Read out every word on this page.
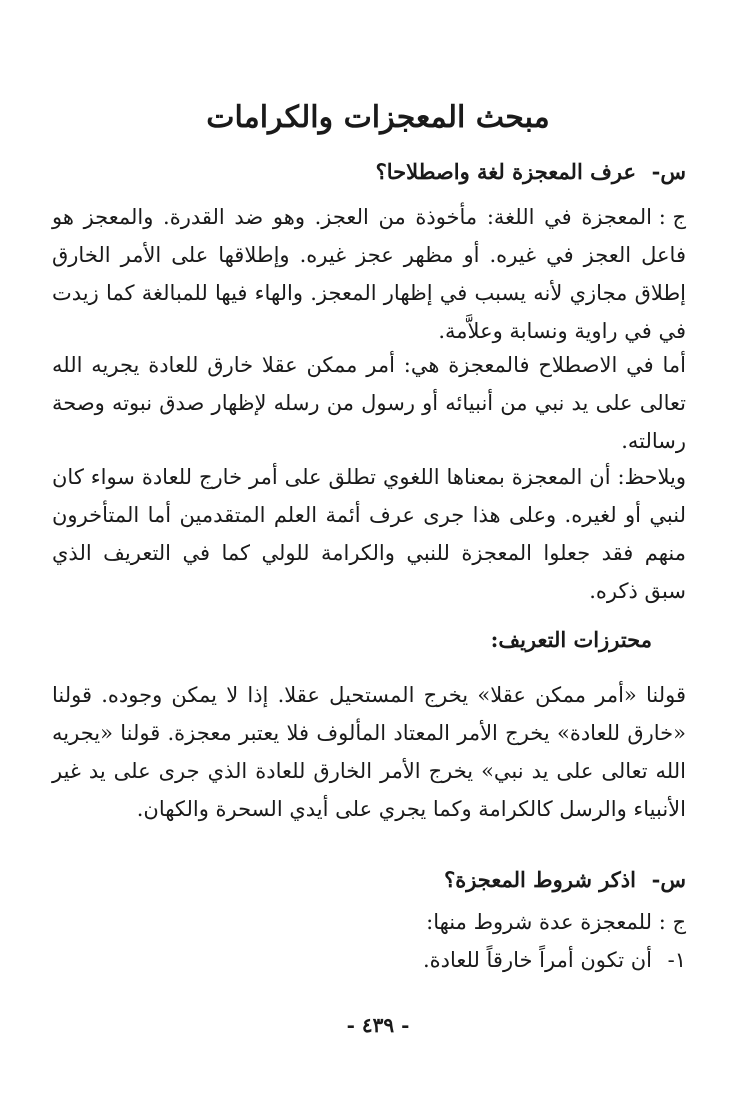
مبحث المعجزات والكرامات

س-عرف المعجزة لغة واصطلاحا؟

ج :المعجزة في اللغة: مأخوذة من العجز. وهو ضد القدرة. والمعجز هو فاعل العجز في غيره. أو مظهر عجز غيره. وإطلاقها على الأمر الخارق إطلاق مجازي لأنه يسبب في إظهار المعجز. والهاء فيها للمبالغة كما زيدت في في راوية ونسابة وعلاَّمة.

أما في الاصطلاح فالمعجزة هي: أمر ممكن عقلا خارق للعادة يجريه الله تعالى على يد نبي من أنبيائه أو رسول من رسله لإظهار صدق نبوته وصحة رسالته.

ويلاحظ: أن المعجزة بمعناها اللغوي تطلق على أمر خارج للعادة سواء كان لنبي أو لغيره. وعلى هذا جرى عرف أئمة العلم المتقدمين أما المتأخرون منهم فقد جعلوا المعجزة للنبي والكرامة للولي كما في التعريف الذي سبق ذكره.

محترزات التعريف:

قولنا «أمر ممكن عقلا» يخرج المستحيل عقلا. إذا لا يمكن وجوده. قولنا «خارق للعادة» يخرج الأمر المعتاد المألوف فلا يعتبر معجزة. قولنا «يجريه الله تعالى على يد نبي» يخرج الأمر الخارق للعادة الذي جرى على يد غير الأنبياء والرسل كالكرامة وكما يجري على أيدي السحرة والكهان.

س-اذكر شروط المعجزة؟

ج :للمعجزة عدة شروط منها:

١-أن تكون أمراً خارقاً للعادة.

- ٤٣٩ -
